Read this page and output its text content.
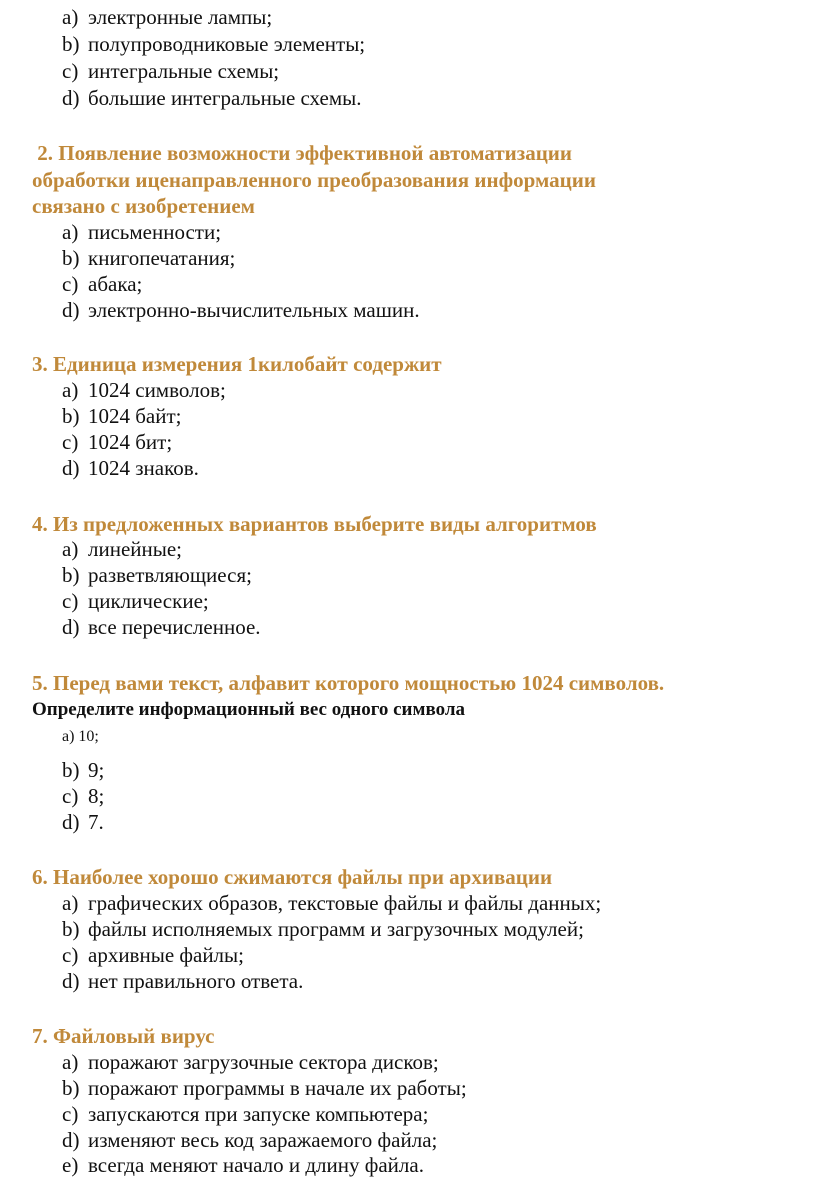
a) электронные лампы;
b) полупроводниковые элементы;
c) интегральные схемы;
d) большие интегральные схемы.
2. Появление возможности эффективной автоматизации
обработки иценаправленного преобразования информации
связано с изобретением
a) письменности;
b) книгопечатания;
c) абака;
d) электронно-вычислительных машин.
3. Единица измерения 1килобайт содержит
a) 1024 символов;
b) 1024 байт;
c) 1024 бит;
d) 1024 знаков.
4. Из предложенных вариантов выберите виды алгоритмов
a) линейные;
b) разветвляющиеся;
c) циклические;
d) все перечисленное.
5. Перед вами текст, алфавит которого мощностью 1024 символов.
Определите информационный вес одного символа
а) 10;
b) 9;
c) 8;
d) 7.
6. Наиболее хорошо сжимаются файлы при архивации
a) графических образов, текстовые файлы и файлы данных;
b) файлы исполняемых программ и загрузочных модулей;
c) архивные файлы;
d) нет правильного ответа.
7. Файловый вирус
a) поражают загрузочные сектора дисков;
b) поражают программы в начале их работы;
c) запускаются при запуске компьютера;
d) изменяют весь код заражаемого файла;
e) всегда меняют начало и длину файла.
